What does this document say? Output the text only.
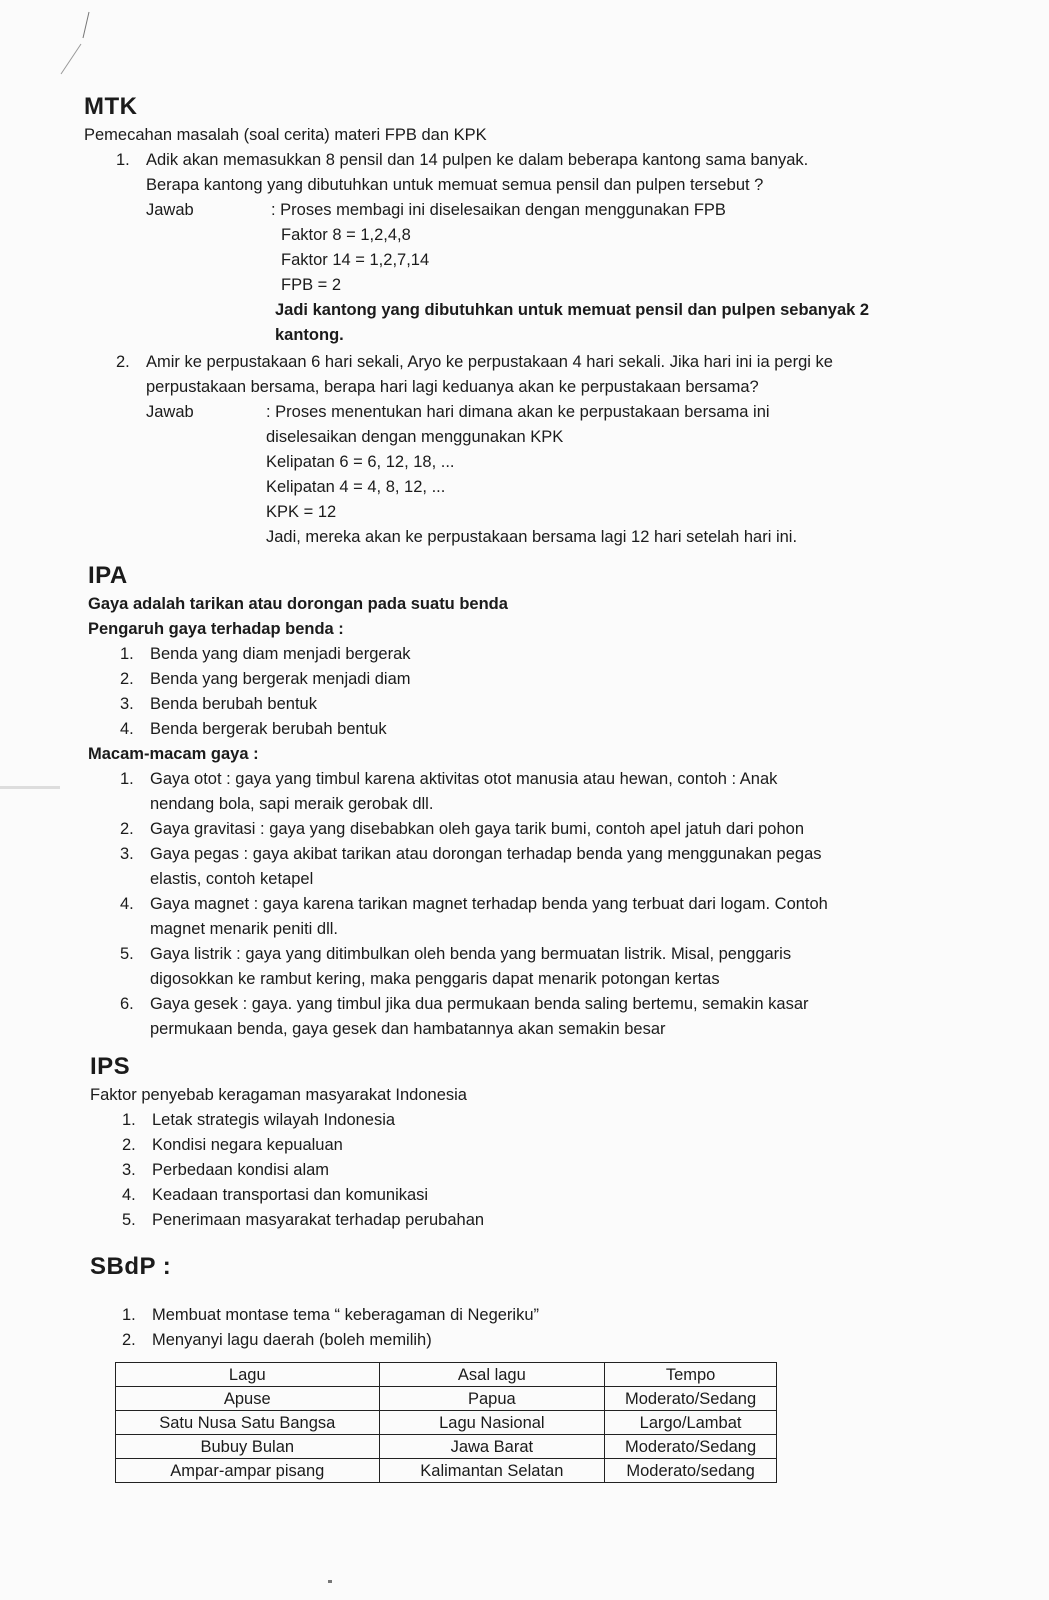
MTK
Pemecahan masalah (soal cerita) materi FPB dan KPK
1. Adik akan memasukkan 8 pensil dan 14 pulpen ke dalam beberapa kantong sama banyak.
Berapa kantong yang dibutuhkan untuk memuat semua pensil dan pulpen tersebut ?
Jawab	: Proses membagi ini diselesaikan dengan menggunakan FPB
Faktor 8 = 1,2,4,8
Faktor 14 = 1,2,7,14
FPB = 2
Jadi kantong yang dibutuhkan untuk memuat pensil dan pulpen sebanyak 2
kantong.
2. Amir ke perpustakaan 6 hari sekali, Aryo ke perpustakaan 4 hari sekali. Jika hari ini ia pergi ke
perpustakaan bersama, berapa hari lagi keduanya akan ke perpustakaan bersama?
Jawab	: Proses menentukan hari dimana akan ke perpustakaan bersama ini
diselesaikan dengan menggunakan KPK
Kelipatan 6 = 6, 12, 18, ...
Kelipatan 4 = 4, 8, 12, ...
KPK = 12
Jadi, mereka akan ke perpustakaan bersama lagi 12 hari setelah hari ini.
IPA
Gaya adalah tarikan atau dorongan pada suatu benda
Pengaruh gaya terhadap benda :
1. Benda yang diam menjadi bergerak
2. Benda yang bergerak menjadi diam
3. Benda berubah bentuk
4. Benda bergerak berubah bentuk
Macam-macam gaya :
1. Gaya otot : gaya yang timbul karena aktivitas otot manusia atau hewan, contoh : Anak
nendang bola, sapi meraik gerobak dll.
2. Gaya gravitasi : gaya yang disebabkan oleh gaya tarik bumi, contoh apel jatuh dari pohon
3. Gaya pegas : gaya akibat tarikan atau dorongan terhadap benda yang menggunakan pegas
elastis, contoh ketapel
4. Gaya magnet : gaya karena tarikan magnet terhadap benda yang terbuat dari logam. Contoh
magnet menarik peniti dll.
5. Gaya listrik : gaya yang ditimbulkan oleh benda yang bermuatan listrik. Misal, penggaris
digosokkan ke rambut kering, maka penggaris dapat menarik potongan kertas
6. Gaya gesek : gaya. yang timbul jika dua permukaan benda saling bertemu, semakin kasar
permukaan benda, gaya gesek dan hambatannya akan semakin besar
IPS
Faktor penyebab keragaman masyarakat Indonesia
1. Letak strategis wilayah Indonesia
2. Kondisi negara kepualuan
3. Perbedaan kondisi alam
4. Keadaan transportasi dan komunikasi
5. Penerimaan masyarakat terhadap perubahan
SBdP :
1. Membuat montase tema “ keberagaman di Negeriku”
2. Menyanyi lagu daerah (boleh memilih)
Lagu	Asal lagu	Tempo
Apuse	Papua	Moderato/Sedang
Satu Nusa Satu Bangsa	Lagu Nasional	Largo/Lambat
Bubuy Bulan	Jawa Barat	Moderato/Sedang
Ampar-ampar pisang	Kalimantan Selatan	Moderato/sedang
